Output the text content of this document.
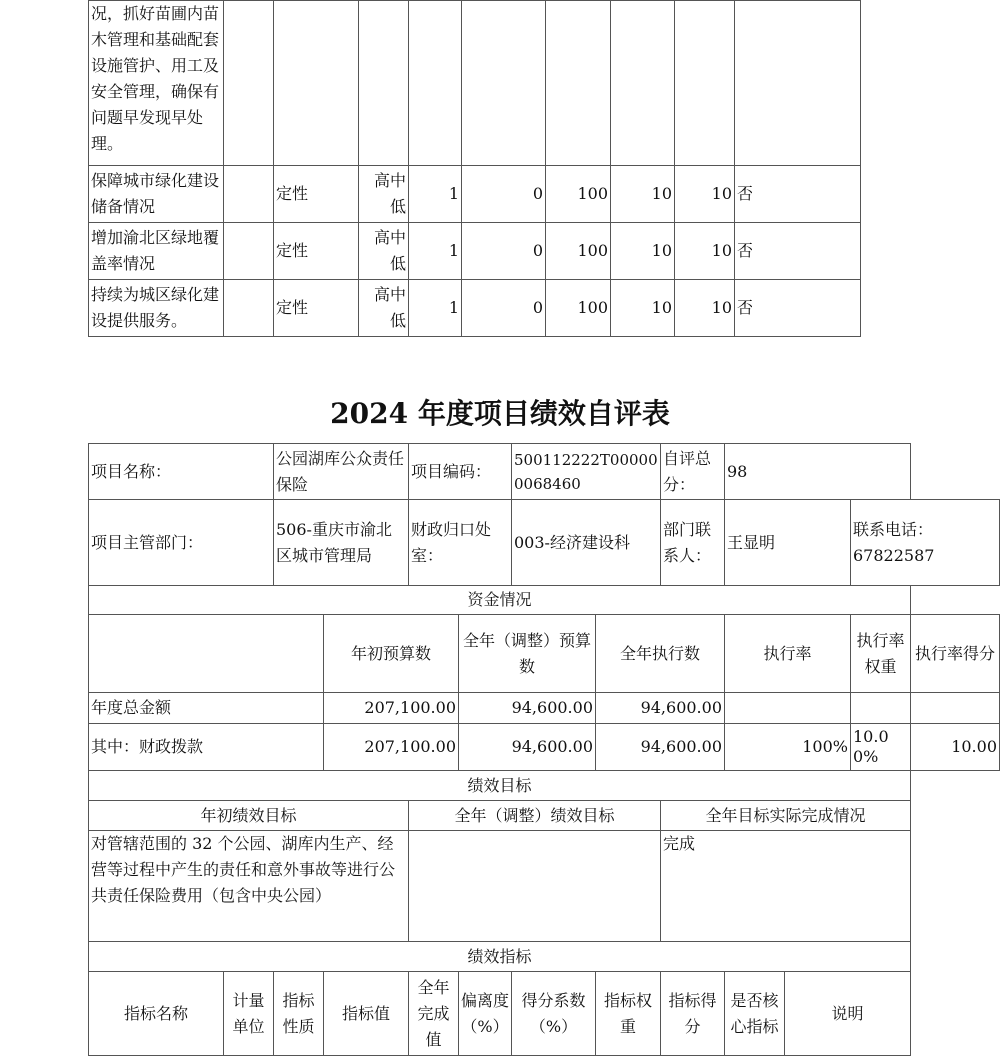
况，抓好苗圃内苗木管理和基础配套设施管护、用工及安全管理，确保有问题早发现早处理。									
保障城市绿化建设储备情况		定性	高中低	1	0	100	10	10	否
增加渝北区绿地覆盖率情况		定性	高中低	1	0	100	10	10	否
持续为城区绿化建设提供服务。		定性	高中低	1	0	100	10	10	否
2024 年度项目绩效自评表
项目名称：		公园湖库公众责任保险		项目编码：		500112222T000000068460		自评总分：	98			
项目主管部门：		506-重庆市渝北区城市管理局		财政归口处室：		003-经济建设科		部门联系人：	王显明		联系电话： 67822587	
资金情况												
			年初预算数		全年（调整）预算数		全年执行数		执行率		执行率权重	执行率得分
年度总金额			207,100.00		94,600.00		94,600.00					
其中：财政拨款			207,100.00		94,600.00		94,600.00		100%		10.00%	10.00
绩效目标												
年初绩效目标				全年（调整）绩效目标				全年目标实际完成情况				
对管辖范围的 32 个公园、湖库内生产、经营等过程中产生的责任和意外事故等进行公共责任保险费用（包含中央公园）								完成				
绩效指标												
指标名称	计量单位	指标性质	指标值	全年完成值	偏离度（%）	得分系数（%）	指标权重	指标得分	是否核心指标	说明		
